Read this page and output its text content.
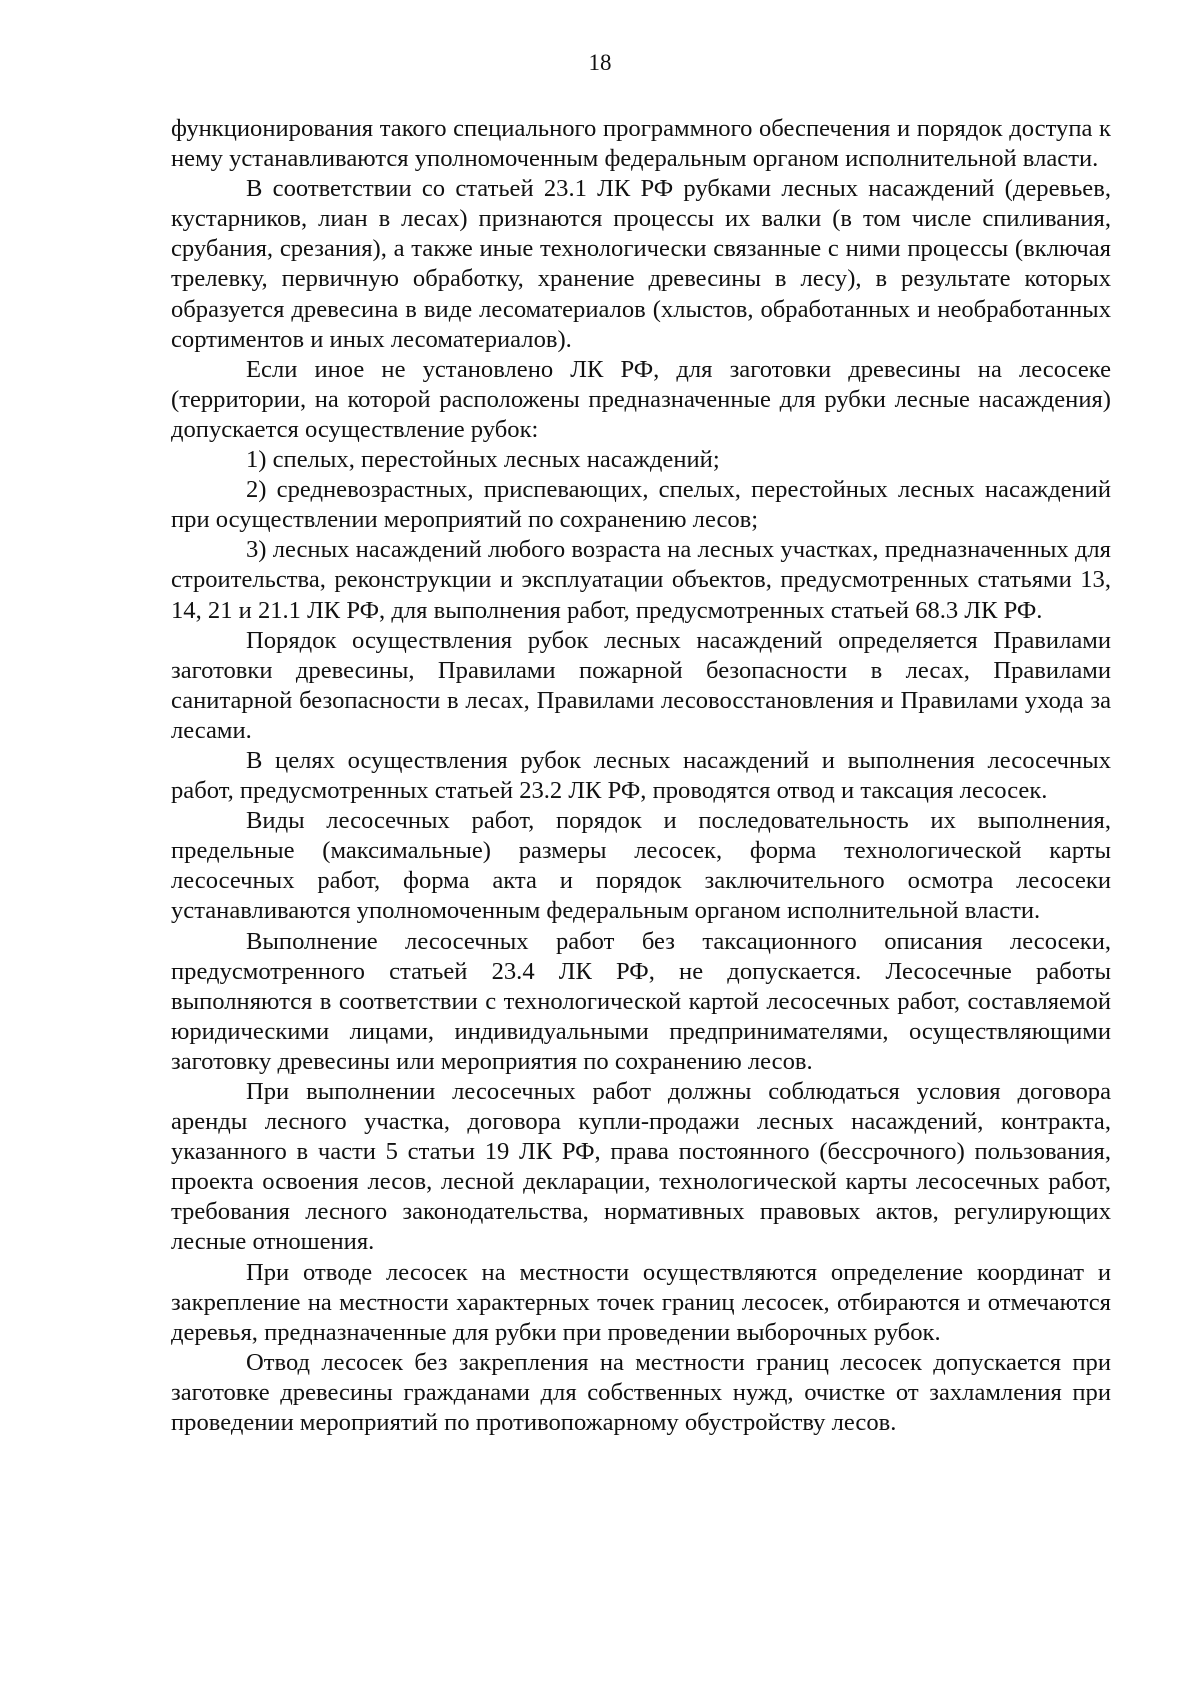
18

функционирования такого специального программного обеспечения и порядок доступа к нему устанавливаются уполномоченным федеральным органом исполнительной власти.

В соответствии со статьей 23.1 ЛК РФ рубками лесных насаждений (деревьев, кустарников, лиан в лесах) признаются процессы их валки (в том числе спиливания, срубания, срезания), а также иные технологически связанные с ними процессы (включая трелевку, первичную обработку, хранение древесины в лесу), в результате которых образуется древесина в виде лесоматериалов (хлыстов, обработанных и необработанных сортиментов и иных лесоматериалов).

Если иное не установлено ЛК РФ, для заготовки древесины на лесосеке (территории, на которой расположены предназначенные для рубки лесные насаждения) допускается осуществление рубок:

1) спелых, перестойных лесных насаждений;

2) средневозрастных, приспевающих, спелых, перестойных лесных насаждений при осуществлении мероприятий по сохранению лесов;

3) лесных насаждений любого возраста на лесных участках, предназначенных для строительства, реконструкции и эксплуатации объектов, предусмотренных статьями 13, 14, 21 и 21.1 ЛК РФ, для выполнения работ, предусмотренных статьей 68.3 ЛК РФ.

Порядок осуществления рубок лесных насаждений определяется Правилами заготовки древесины, Правилами пожарной безопасности в лесах, Правилами санитарной безопасности в лесах, Правилами лесовосстановления и Правилами ухода за лесами.

В целях осуществления рубок лесных насаждений и выполнения лесосечных работ, предусмотренных статьей 23.2 ЛК РФ, проводятся отвод и таксация лесосек.

Виды лесосечных работ, порядок и последовательность их выполнения, предельные (максимальные) размеры лесосек, форма технологической карты лесосечных работ, форма акта и порядок заключительного осмотра лесосеки устанавливаются уполномоченным федеральным органом исполнительной власти.

Выполнение лесосечных работ без таксационного описания лесосеки, предусмотренного статьей 23.4 ЛК РФ, не допускается. Лесосечные работы выполняются в соответствии с технологической картой лесосечных работ, составляемой юридическими лицами, индивидуальными предпринимателями, осуществляющими заготовку древесины или мероприятия по сохранению лесов.

При выполнении лесосечных работ должны соблюдаться условия договора аренды лесного участка, договора купли-продажи лесных насаждений, контракта, указанного в части 5 статьи 19 ЛК РФ, права постоянного (бессрочного) пользования, проекта освоения лесов, лесной декларации, технологической карты лесосечных работ, требования лесного законодательства, нормативных правовых актов, регулирующих лесные отношения.

При отводе лесосек на местности осуществляются определение координат и закрепление на местности характерных точек границ лесосек, отбираются и отмечаются деревья, предназначенные для рубки при проведении выборочных рубок.

Отвод лесосек без закрепления на местности границ лесосек допускается при заготовке древесины гражданами для собственных нужд, очистке от захламления при проведении мероприятий по противопожарному обустройству лесов.
